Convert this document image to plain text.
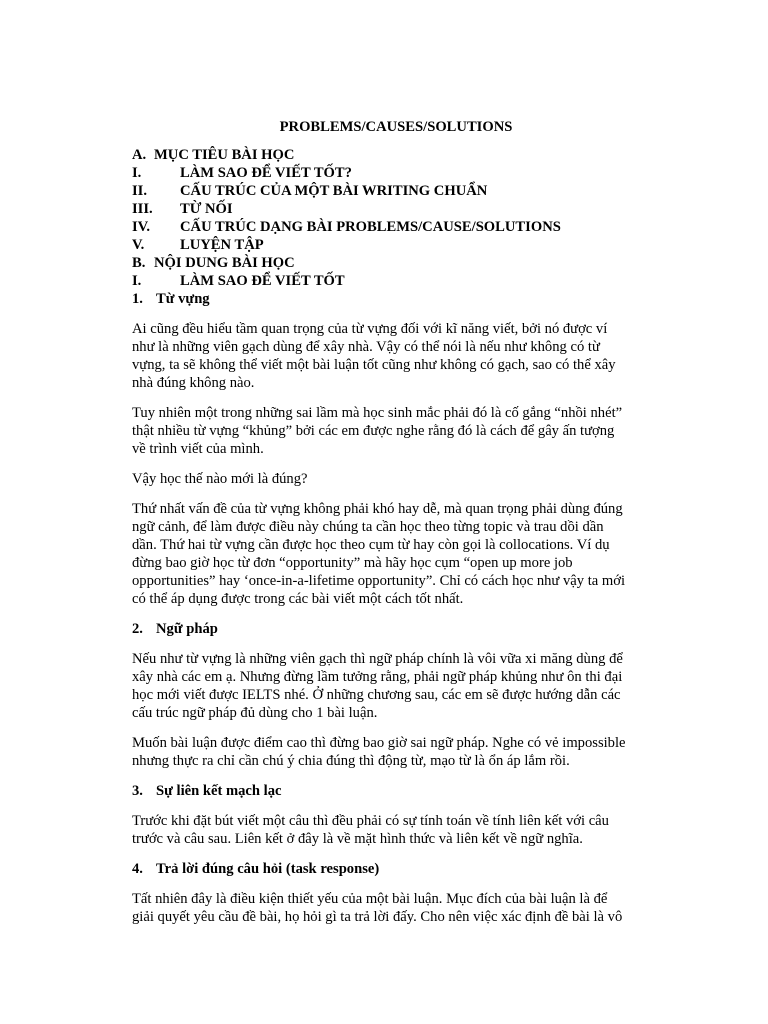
PROBLEMS/CAUSES/SOLUTIONS
A. MỤC TIÊU BÀI HỌC
I.	LÀM SAO ĐỂ VIẾT TỐT?
II. CẤU TRÚC CỦA MỘT BÀI WRITING CHUẨN
III. TỪ NỐI
IV. CẤU TRÚC DẠNG BÀI PROBLEMS/CAUSE/SOLUTIONS
V. LUYỆN TẬP
B. NỘI DUNG BÀI HỌC
I.	LÀM SAO ĐỂ VIẾT TỐT
1. Từ vựng

Ai cũng đều hiểu tầm quan trọng của từ vựng đối với kĩ năng viết, bởi nó được ví
như là những viên gạch dùng để xây nhà. Vậy có thể nói là nếu như không có từ
vựng, ta sẽ không thể viết một bài luận tốt cũng như không có gạch, sao có thể xây
nhà đúng không nào.

Tuy nhiên một trong những sai lầm mà học sinh mắc phải đó là cố gắng “nhồi nhét”
thật nhiều từ vựng “khủng” bởi các em được nghe rằng đó là cách để gây ấn tượng
về trình viết của mình.

Vậy học thế nào mới là đúng?

Thứ nhất vấn đề của từ vựng không phải khó hay dễ, mà quan trọng phải dùng đúng
ngữ cảnh, để làm được điều này chúng ta cần học theo từng topic và trau dồi dần
dần. Thứ hai từ vựng cần được học theo cụm từ hay còn gọi là collocations. Ví dụ
đừng bao giờ học từ đơn “opportunity” mà hãy học cụm “open up more job
opportunities” hay ‘once-in-a-lifetime opportunity”. Chỉ có cách học như vậy ta mới
có thể áp dụng được trong các bài viết một cách tốt nhất.

2. Ngữ pháp

Nếu như từ vựng là những viên gạch thì ngữ pháp chính là vôi vữa xi măng dùng để
xây nhà các em ạ. Nhưng đừng lầm tưởng rằng, phải ngữ pháp khủng như ôn thi đại
học mới viết được IELTS nhé. Ở những chương sau, các em sẽ được hướng dẫn các
cấu trúc ngữ pháp đủ dùng cho 1 bài luận.

Muốn bài luận được điểm cao thì đừng bao giờ sai ngữ pháp. Nghe có vẻ impossible
nhưng thực ra chỉ cần chú ý chia đúng thì động từ, mạo từ là ổn áp lắm rồi.

3. Sự liên kết mạch lạc

Trước khi đặt bút viết một câu thì đều phải có sự tính toán về tính liên kết với câu
trước và câu sau. Liên kết ở đây là về mặt hình thức và liên kết về ngữ nghĩa.

4. Trả lời đúng câu hỏi (task response)

Tất nhiên đây là điều kiện thiết yếu của một bài luận. Mục đích của bài luận là để
giải quyết yêu cầu đề bài, họ hỏi gì ta trả lời đấy. Cho nên việc xác định đề bài là vô
